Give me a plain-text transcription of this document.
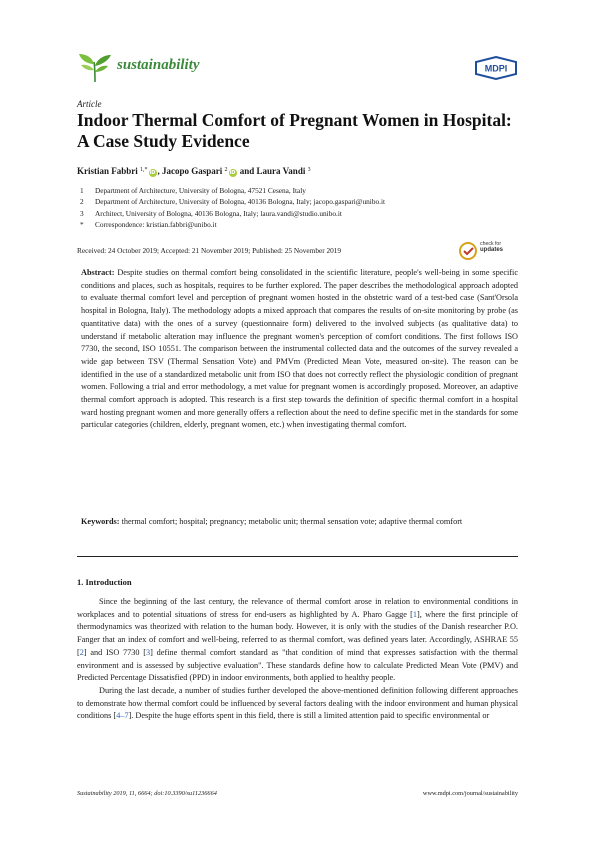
sustainability	MDPI
Article
Indoor Thermal Comfort of Pregnant Women in Hospital: A Case Study Evidence
Kristian Fabbri $^{1,*}$ iD , Jacopo Gaspari $^2$ iD and Laura Vandi $^3$
1	Department of Architecture, University of Bologna, 47521 Cesena, Italy
2	Department of Architecture, University of Bologna, 40136 Bologna, Italy; jacopo.gaspari@unibo.it
3	Architect, University of Bologna, 40136 Bologna, Italy; laura.vandi@studio.unibo.it
*	Correspondence: kristian.fabbri@unibo.it
Received: 24 October 2019; Accepted: 21 November 2019; Published: 25 November 2019
check for
updates
Abstract: Despite studies on thermal comfort being consolidated in the scientific literature, people's well-being in some specific conditions and places, such as hospitals, requires to be further explored. The paper describes the methodological approach adopted to evaluate thermal comfort level and perception of pregnant women hosted in the obstetric ward of a test-bed case (Sant'Orsola hospital in Bologna, Italy). The methodology adopts a mixed approach that compares the results of on-site monitoring by probe (as quantitative data) with the ones of a survey (questionnaire form) delivered to the involved subjects (as qualitative data) to understand if metabolic alteration may influence the pregnant women's perception of comfort conditions. The first follows ISO 7730, the second, ISO 10551. The comparison between the instrumental collected data and the outcomes of the survey revealed a wide gap between TSV (Thermal Sensation Vote) and PMVm (Predicted Mean Vote, measured on-site). The reason can be identified in the use of a standardized metabolic unit from ISO that does not correctly reflect the physiologic condition of pregnant women. Following a trial and error methodology, a met value for pregnant women is accordingly proposed. Moreover, an adaptive thermal comfort approach is adopted. This research is a first step towards the definition of specific thermal comfort in a hospital ward hosting pregnant women and more generally offers a reflection about the need to define specific met in the standards for some particular categories (children, elderly, pregnant women, etc.) when investigating thermal comfort.
Keywords: thermal comfort; hospital; pregnancy; metabolic unit; thermal sensation vote; adaptive thermal comfort
1. Introduction

Since the beginning of the last century, the relevance of thermal comfort arose in relation to environmental conditions in workplaces and to potential situations of stress for end-users as highlighted by A. Pharo Gagge [1], where the first principle of thermodynamics was theorized with relation to the human body. However, it is only with the studies of the Danish researcher P.O. Fanger that an index of comfort and well-being, referred to as thermal comfort, was defined years later. Accordingly, ASHRAE 55 [2] and ISO 7730 [3] define thermal comfort standard as "that condition of mind that expresses satisfaction with the thermal environment and is assessed by subjective evaluation". These standards define how to calculate Predicted Mean Vote (PMV) and Predicted Percentage Dissatisfied (PPD) in indoor environments, both applied to healthy people.

During the last decade, a number of studies further developed the above-mentioned definition following different approaches to demonstrate how thermal comfort could be influenced by several factors dealing with the indoor environment and human physical conditions [4–7]. Despite the huge efforts spent in this field, there is still a limited attention paid to specific environmental or

Sustainability 2019, 11, 6664; doi:10.3390/su11236664	www.mdpi.com/journal/sustainability
